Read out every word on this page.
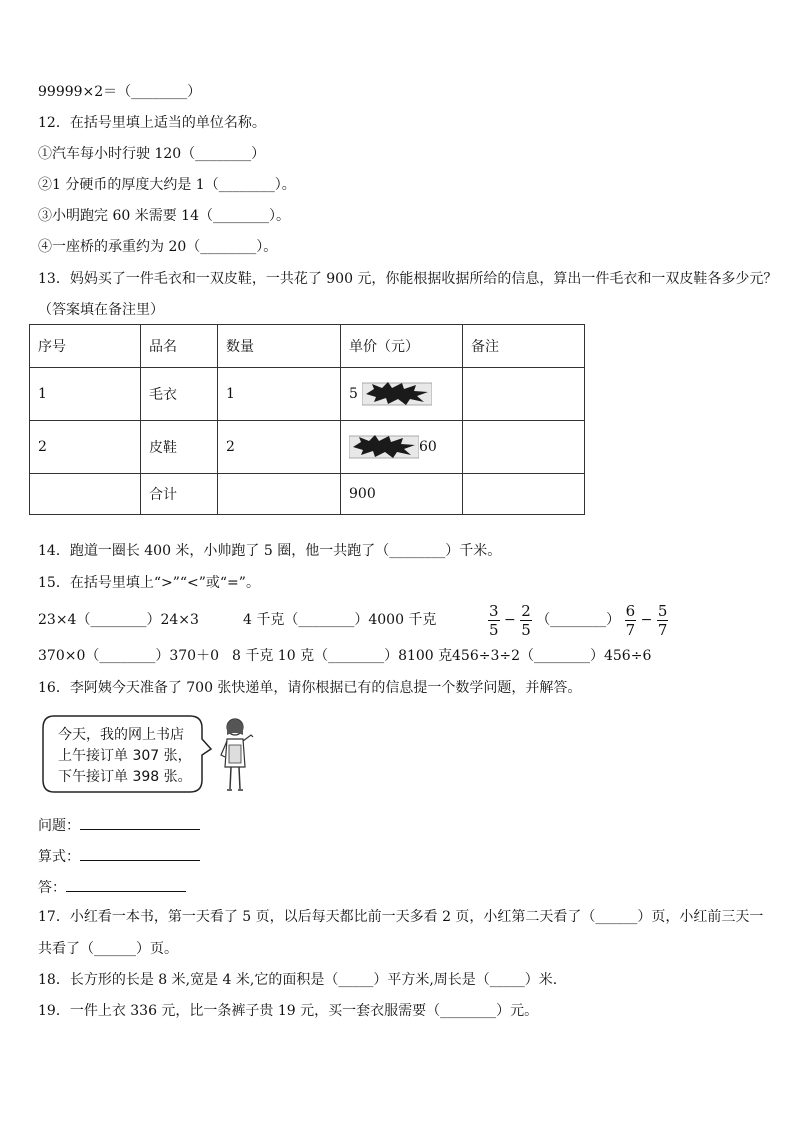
99999×2＝（________）
12．在括号里填上适当的单位名称。
①汽车每小时行驶 120（________）
②1 分硬币的厚度大约是 1（________）。
③小明跑完 60 米需要 14（________）。
④一座桥的承重约为 20（________）。
13．妈妈买了一件毛衣和一双皮鞋，一共花了 900 元，你能根据收据所给的信息，算出一件毛衣和一双皮鞋各多少元？
（答案填在备注里）
序号	品名	数量	单价（元）	备注
1	毛衣	1	5	
2	皮鞋	2	60	
	合计		900	
14．跑道一圈长 400 米，小帅跑了 5 圈，他一共跑了（________）千米。
15．在括号里填上“>”“<”或“=”。
23×4（________）24×3	4 千克（________）4000 千克	$\frac{3}{5} - \frac{2}{5}$ （________） $\frac{6}{7} - \frac{5}{7}$
370×0（________）370＋0 8 千克 10 克（________）8100 克 456÷3÷2（________）456÷6
16．李阿姨今天准备了 700 张快递单，请你根据已有的信息提一个数学问题，并解答。
今天，我的网上书店
上午接订单 307 张，
下午接订单 398 张。
问题：
算式：
答：
17．小红看一本书，第一天看了 5 页，以后每天都比前一天多看 2 页，小红第二天看了（______）页，小红前三天一
共看了（______）页。
18．长方形的长是 8 米,宽是 4 米,它的面积是（_____）平方米,周长是（_____）米.
19．一件上衣 336 元，比一条裤子贵 19 元，买一套衣服需要（________）元。
